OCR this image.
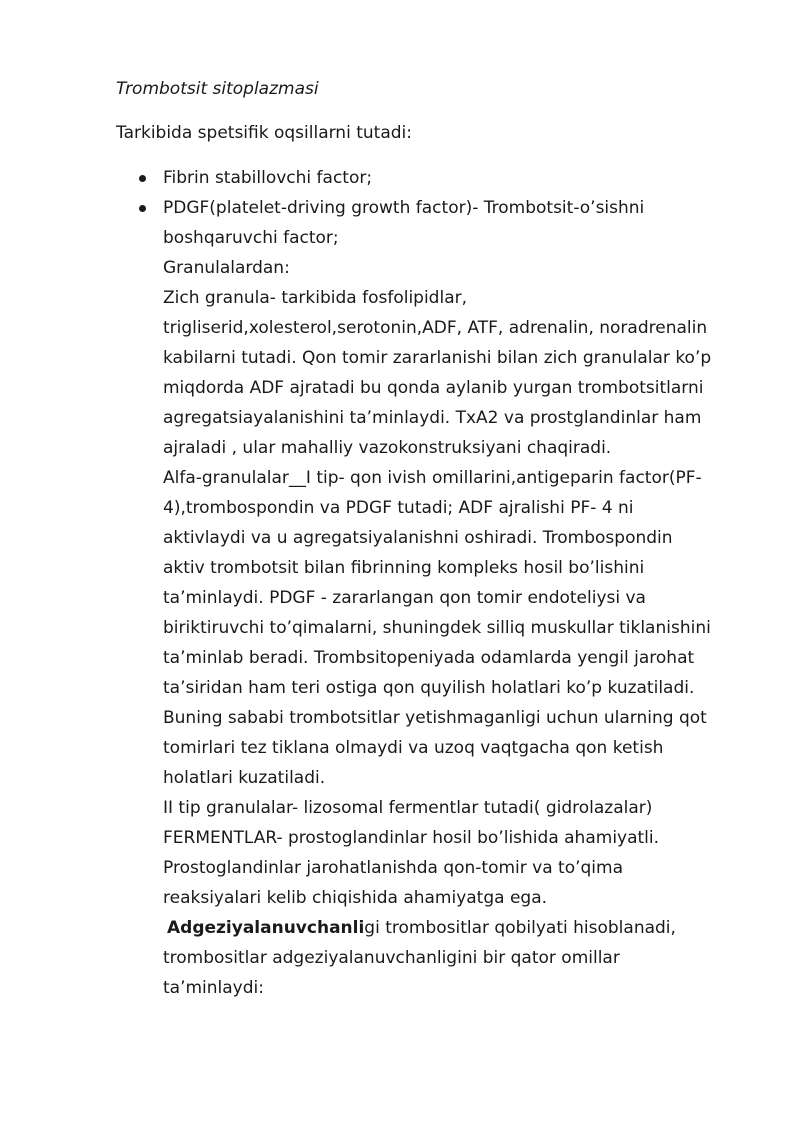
Trombotsit sitoplazmasi
Tarkibida spetsifik oqsillarni tutadi:
Fibrin stabillovchi factor;
PDGF(platelet-driving growth factor)- Trombotsit-o’sishni
boshqaruvchi factor;
Granulalardan:
Zich granula- tarkibida fosfolipidlar,
trigliserid,xolesterol,serotonin,ADF, ATF, adrenalin, noradrenalin
kabilarni tutadi. Qon tomir zararlanishi bilan zich granulalar ko’p
miqdorda ADF ajratadi bu qonda aylanib yurgan trombotsitlarni
agregatsiayalanishini ta’minlaydi. TxA2 va prostglandinlar ham
ajraladi , ular mahalliy vazokonstruksiyani chaqiradi.
Alfa-granulalar__I tip- qon ivish omillarini,antigeparin factor(PF-
4),trombospondin va PDGF tutadi; ADF ajralishi PF- 4 ni
aktivlaydi va u agregatsiyalanishni oshiradi. Trombospondin
aktiv trombotsit bilan fibrinning kompleks hosil bo’lishini
ta’minlaydi. PDGF - zararlangan qon tomir endoteliysi va
biriktiruvchi to’qimalarni, shuningdek silliq muskullar tiklanishini
ta’minlab beradi. Trombsitopeniyada odamlarda yengil jarohat
ta’siridan ham teri ostiga qon quyilish holatlari ko’p kuzatiladi.
Buning sababi trombotsitlar yetishmaganligi uchun ularning qot
tomirlari tez tiklana olmaydi va uzoq vaqtgacha qon ketish
holatlari kuzatiladi.
II tip granulalar- lizosomal fermentlar tutadi( gidrolazalar)
FERMENTLAR- prostoglandinlar hosil bo’lishida ahamiyatli.
Prostoglandinlar jarohatlanishda qon-tomir va to’qima
reaksiyalari kelib chiqishida ahamiyatga ega.
Adgeziyalanuvchanligi trombositlar qobilyati hisoblanadi,
trombositlar adgeziyalanuvchanligini bir qator omillar
ta’minlaydi:
